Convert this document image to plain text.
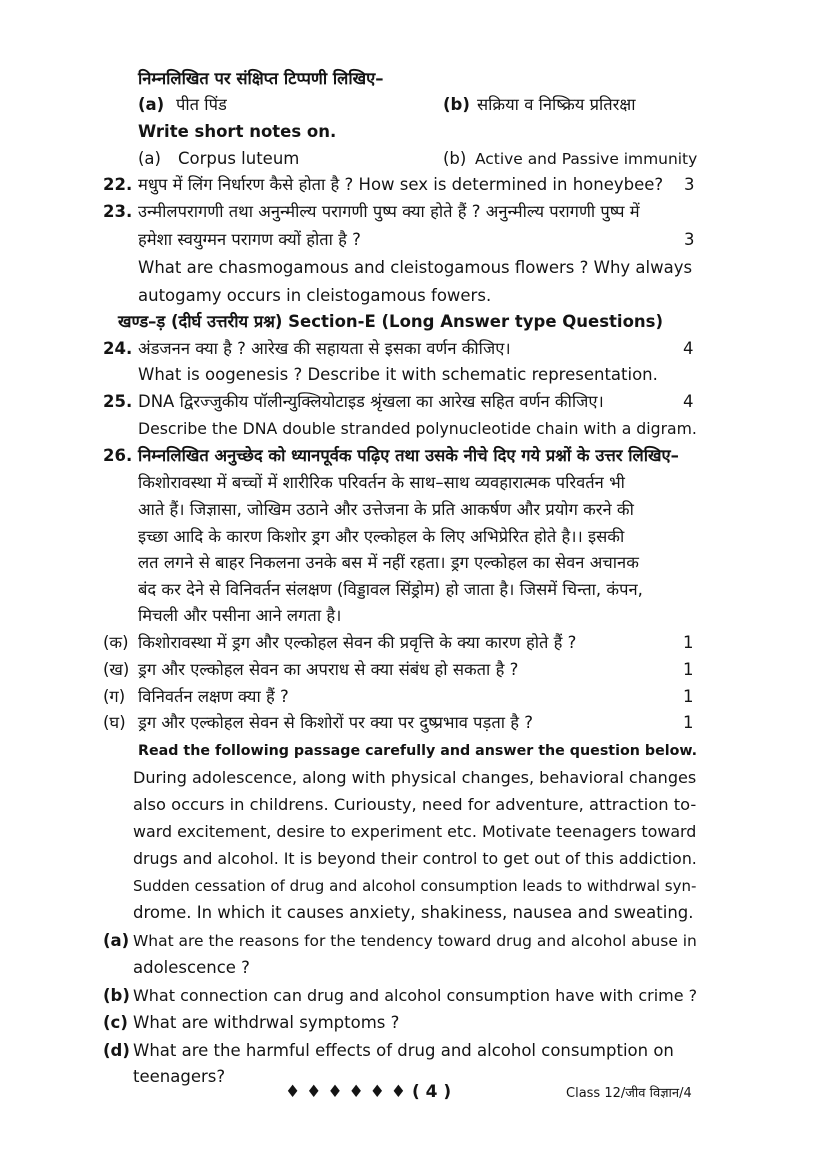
निम्नलिखित पर संक्षिप्त टिप्पणी लिखिए–
(a) पीत पिंड	(b) सक्रिया व निष्क्रिय प्रतिरक्षा
Write short notes on.
(a) Corpus luteum	(b) Active and Passive immunity
22. मधुप में लिंग निर्धारण कैसे होता है ? How sex is determined in honeybee? 3
23. उन्मीलपरागणी तथा अनुन्मील्य परागणी पुष्प क्या होते हैं ? अनुन्मील्य परागणी पुष्प में
हमेशा स्वयुग्मन परागण क्यों होता है ?	3
What are chasmogamous and cleistogamous flowers ? Why always
autogamy occurs in cleistogamous fowers.
खण्ड–ड़ (दीर्घ उत्तरीय प्रश्न) Section-E (Long Answer type Questions)
24. अंडजनन क्या है ? आरेख की सहायता से इसका वर्णन कीजिए।	4
What is oogenesis ? Describe it with schematic representation.
25. DNA द्विरज्जुकीय पॉलीन्युक्लियोटाइड श्रृंखला का आरेख सहित वर्णन कीजिए।	4
Describe the DNA double stranded polynucleotide chain with a digram.
26. निम्नलिखित अनुच्छेद को ध्यानपूर्वक पढ़िए तथा उसके नीचे दिए गये प्रश्नों के उत्तर लिखिए–
किशोरावस्था में बच्चों में शारीरिक परिवर्तन के साथ–साथ व्यवहारात्मक परिवर्तन भी
आते हैं। जिज्ञासा, जोखिम उठाने और उत्तेजना के प्रति आकर्षण और प्रयोग करने की
इच्छा आदि के कारण किशोर ड्रग और एल्कोहल के लिए अभिप्रेरित होते है।। इसकी
लत लगने से बाहर निकलना उनके बस में नहीं रहता। ड्रग एल्कोहल का सेवन अचानक
बंद कर देने से विनिवर्तन संलक्षण (विड्डावल सिंड्रोम) हो जाता है। जिसमें चिन्ता, कंपन,
मिचली और पसीना आने लगता है।
(क) किशोरावस्था में ड्रग और एल्कोहल सेवन की प्रवृत्ति के क्या कारण होते हैं ?	1
(ख) ड्रग और एल्कोहल सेवन का अपराध से क्या संबंध हो सकता है ?	1
(ग) विनिवर्तन लक्षण क्या हैं ?	1
(घ) ड्रग और एल्कोहल सेवन से किशोरों पर क्या पर दुष्प्रभाव पड़ता है ?	1
Read the following passage carefully and answer the question below.
During adolescence, along with physical changes, behavioral changes
also occurs in childrens. Curiousty, need for adventure, attraction to-
ward excitement, desire to experiment etc. Motivate teenagers toward
drugs and alcohol. It is beyond their control to get out of this addiction.
Sudden cessation of drug and alcohol consumption leads to withdrwal syn-
drome. In which it causes anxiety, shakiness, nausea and sweating.
(a) What are the reasons for the tendency toward drug and alcohol abuse in
adolescence ?
(b) What connection can drug and alcohol consumption have with crime ?
(c) What are withdrwal symptoms ?
(d) What are the harmful effects of drug and alcohol consumption on
teenagers?
♦ ♦ ♦ ♦ ♦ ♦ ( 4 )	Class 12/जीव विज्ञान/4
